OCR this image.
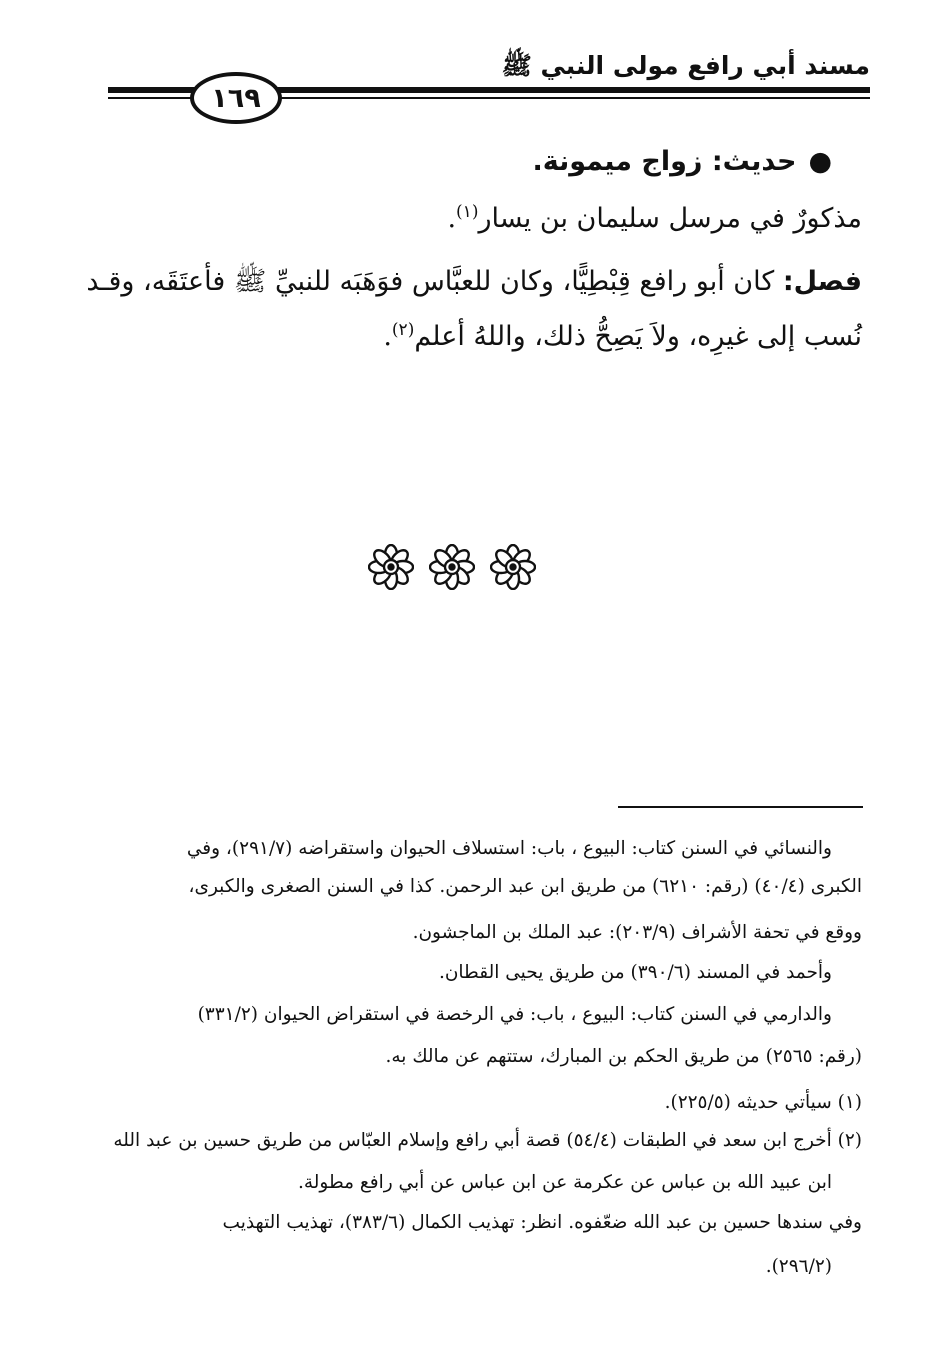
مسند أبي رافع مولى النبي ﷺ
١٦٩
●حديث: زواج ميمونة.
مذكورٌ في مرسل سليمان بن يسار$^{(١)}$.
فصل: كان أبو رافع قِبْطِيًّا، وكان للعبَّاس فوَهَبَه للنبيِّ ﷺ فأعتَقَه، وقـد
نُسب إلى غيرِه، ولاَ يَصِحُّ ذلك، واللهُ أعلم$^{(٢)}$.
والنسائي في السنن كتاب: البيوع ، باب: استسلاف الحيوان واستقراضه (٢٩١/٧)، وفي
الكبرى (٤٠/٤) (رقم: ٦٢١٠) من طريق ابن عبد الرحمن. كذا في السنن الصغرى والكبرى،
ووقع في تحفة الأشراف (٢٠٣/٩): عبد الملك بن الماجشون.
وأحمد في المسند (٣٩٠/٦) من طريق يحيى القطان.
والدارمي في السنن كتاب: البيوع ، باب: في الرخصة في استقراض الحيوان (٣٣١/٢)
(رقم: ٢٥٦٥) من طريق الحكم بن المبارك، ستتهم عن مالك به.
(١) سيأتي حديثه (٢٢٥/٥).
(٢) أخرج ابن سعد في الطبقات (٥٤/٤) قصة أبي رافع وإسلام العبّاس من طريق حسين بن عبد الله
ابن عبيد الله بن عباس عن عكرمة عن ابن عباس عن أبي رافع مطولة.
وفي سندها حسين بن عبد الله ضعّفوه. انظر: تهذيب الكمال (٣٨٣/٦)، تهذيب التهذيب
(٢٩٦/٢).
